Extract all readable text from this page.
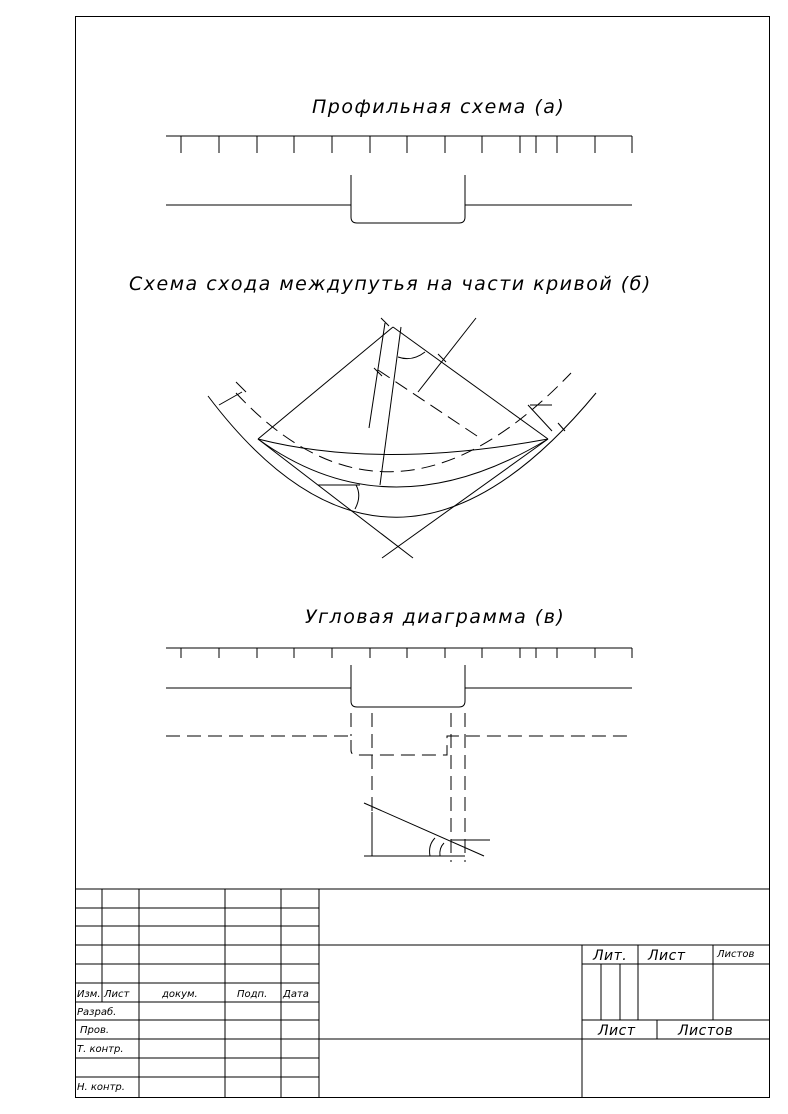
Профильная схема (а)
Схема схода междупутья на части кривой (б)
Угловая диаграмма (в)
Изм. Лист	докум.	Подп. Дата
Разраб.
Пров.
Т. контр.
Н. контр.
Лит. Лист	Листов
Лист	Листов
